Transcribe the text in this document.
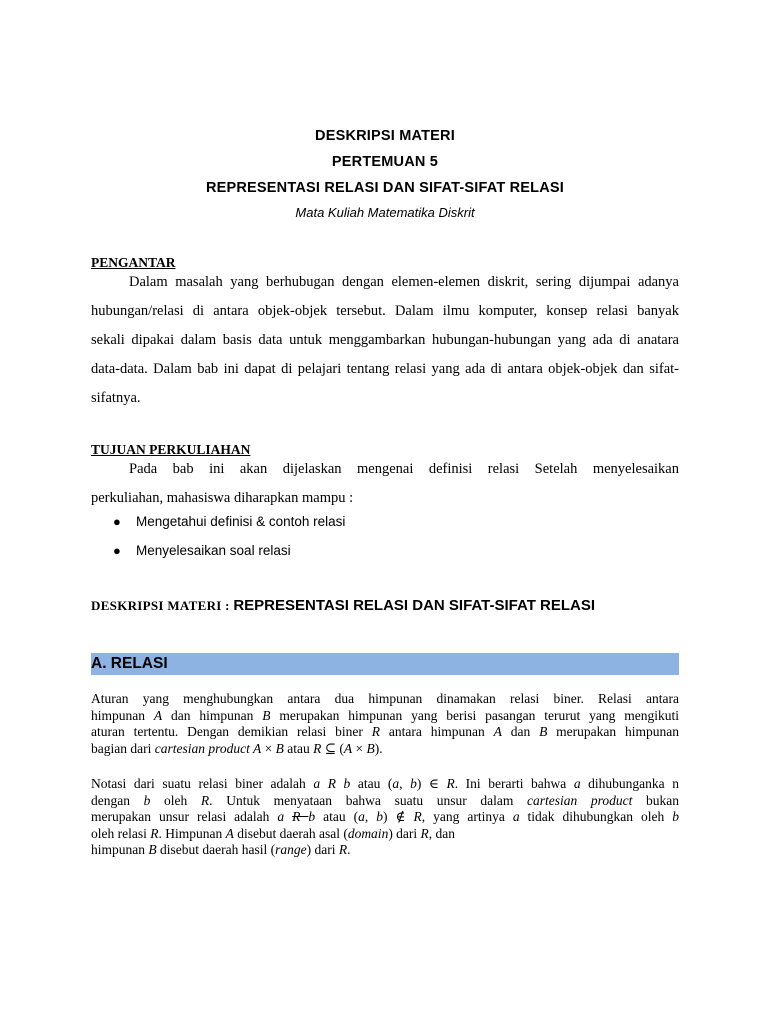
DESKRIPSI MATERI
PERTEMUAN 5
REPRESENTASI RELASI DAN SIFAT-SIFAT RELASI
Mata Kuliah Matematika Diskrit
PENGANTAR
Dalam masalah yang berhubugan dengan elemen-elemen diskrit, sering dijumpai adanya
hubungan/relasi di antara objek-objek tersebut. Dalam ilmu komputer, konsep relasi banyak
sekali dipakai dalam basis data untuk menggambarkan hubungan-hubungan yang ada di anatara
data-data. Dalam bab ini dapat di pelajari tentang relasi yang ada di antara objek-objek dan sifat-
sifatnya.
TUJUAN PERKULIAHAN
Pada bab ini akan dijelaskan mengenai definisi relasi Setelah menyelesaikan
perkuliahan, mahasiswa diharapkan mampu :
● Mengetahui definisi & contoh relasi
● Menyelesaikan soal relasi
DESKRIPSI MATERI : REPRESENTASI RELASI DAN SIFAT-SIFAT RELASI
A. RELASI
Aturan yang menghubungkan antara dua himpunan dinamakan relasi biner. Relasi antara
himpunan A dan himpunan B merupakan himpunan yang berisi pasangan terurut yang mengikuti
aturan tertentu. Dengan demikian relasi biner R antara himpunan A dan B merupakan himpunan
bagian dari cartesian product A × B atau R ⊆ (A × B).
Notasi dari suatu relasi biner adalah a R b atau (a, b) ∈ R. Ini berarti bahwa a dihubunganka n
dengan b oleh R. Untuk menyataan bahwa suatu unsur dalam cartesian product bukan
merupakan unsur relasi adalah a R b atau (a, b) ∉ R, yang artinya a tidak dihubungkan oleh b
oleh relasi R. Himpunan A disebut daerah asal (domain) dari R, dan
himpunan B disebut daerah hasil (range) dari R.
